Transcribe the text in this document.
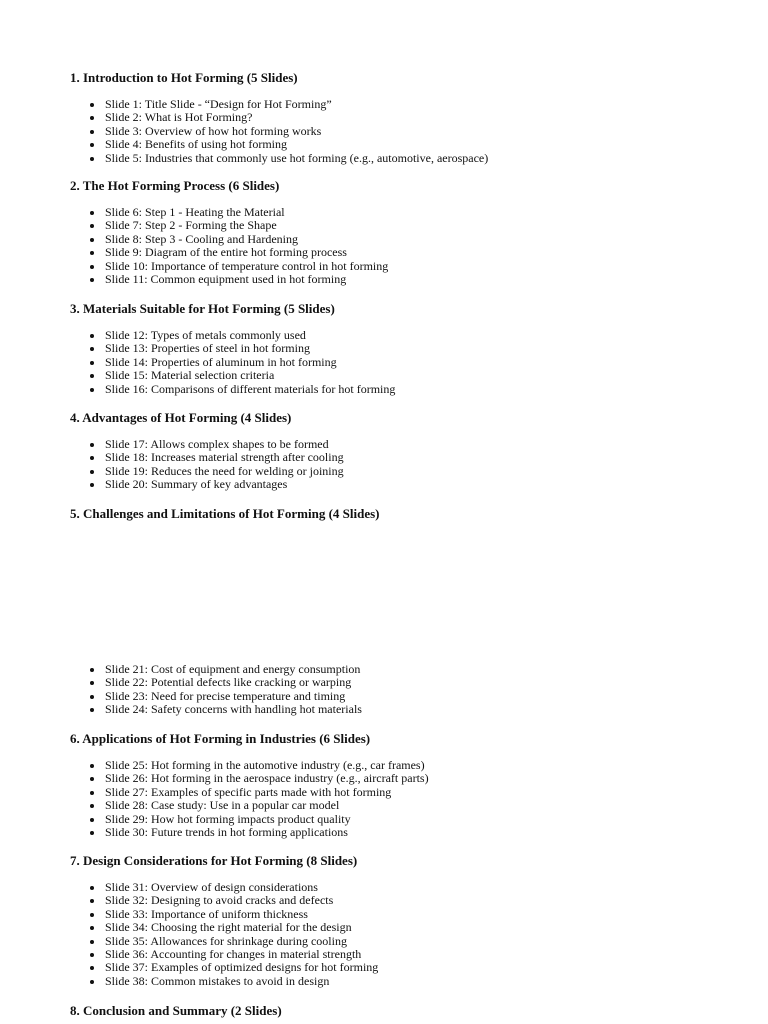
1. Introduction to Hot Forming (5 Slides)
Slide 1: Title Slide - “Design for Hot Forming”
Slide 2: What is Hot Forming?
Slide 3: Overview of how hot forming works
Slide 4: Benefits of using hot forming
Slide 5: Industries that commonly use hot forming (e.g., automotive, aerospace)
2. The Hot Forming Process (6 Slides)
Slide 6: Step 1 - Heating the Material
Slide 7: Step 2 - Forming the Shape
Slide 8: Step 3 - Cooling and Hardening
Slide 9: Diagram of the entire hot forming process
Slide 10: Importance of temperature control in hot forming
Slide 11: Common equipment used in hot forming
3. Materials Suitable for Hot Forming (5 Slides)
Slide 12: Types of metals commonly used
Slide 13: Properties of steel in hot forming
Slide 14: Properties of aluminum in hot forming
Slide 15: Material selection criteria
Slide 16: Comparisons of different materials for hot forming
4. Advantages of Hot Forming (4 Slides)
Slide 17: Allows complex shapes to be formed
Slide 18: Increases material strength after cooling
Slide 19: Reduces the need for welding or joining
Slide 20: Summary of key advantages
5. Challenges and Limitations of Hot Forming (4 Slides)
Slide 21: Cost of equipment and energy consumption
Slide 22: Potential defects like cracking or warping
Slide 23: Need for precise temperature and timing
Slide 24: Safety concerns with handling hot materials
6. Applications of Hot Forming in Industries (6 Slides)
Slide 25: Hot forming in the automotive industry (e.g., car frames)
Slide 26: Hot forming in the aerospace industry (e.g., aircraft parts)
Slide 27: Examples of specific parts made with hot forming
Slide 28: Case study: Use in a popular car model
Slide 29: How hot forming impacts product quality
Slide 30: Future trends in hot forming applications
7. Design Considerations for Hot Forming (8 Slides)
Slide 31: Overview of design considerations
Slide 32: Designing to avoid cracks and defects
Slide 33: Importance of uniform thickness
Slide 34: Choosing the right material for the design
Slide 35: Allowances for shrinkage during cooling
Slide 36: Accounting for changes in material strength
Slide 37: Examples of optimized designs for hot forming
Slide 38: Common mistakes to avoid in design
8. Conclusion and Summary (2 Slides)
